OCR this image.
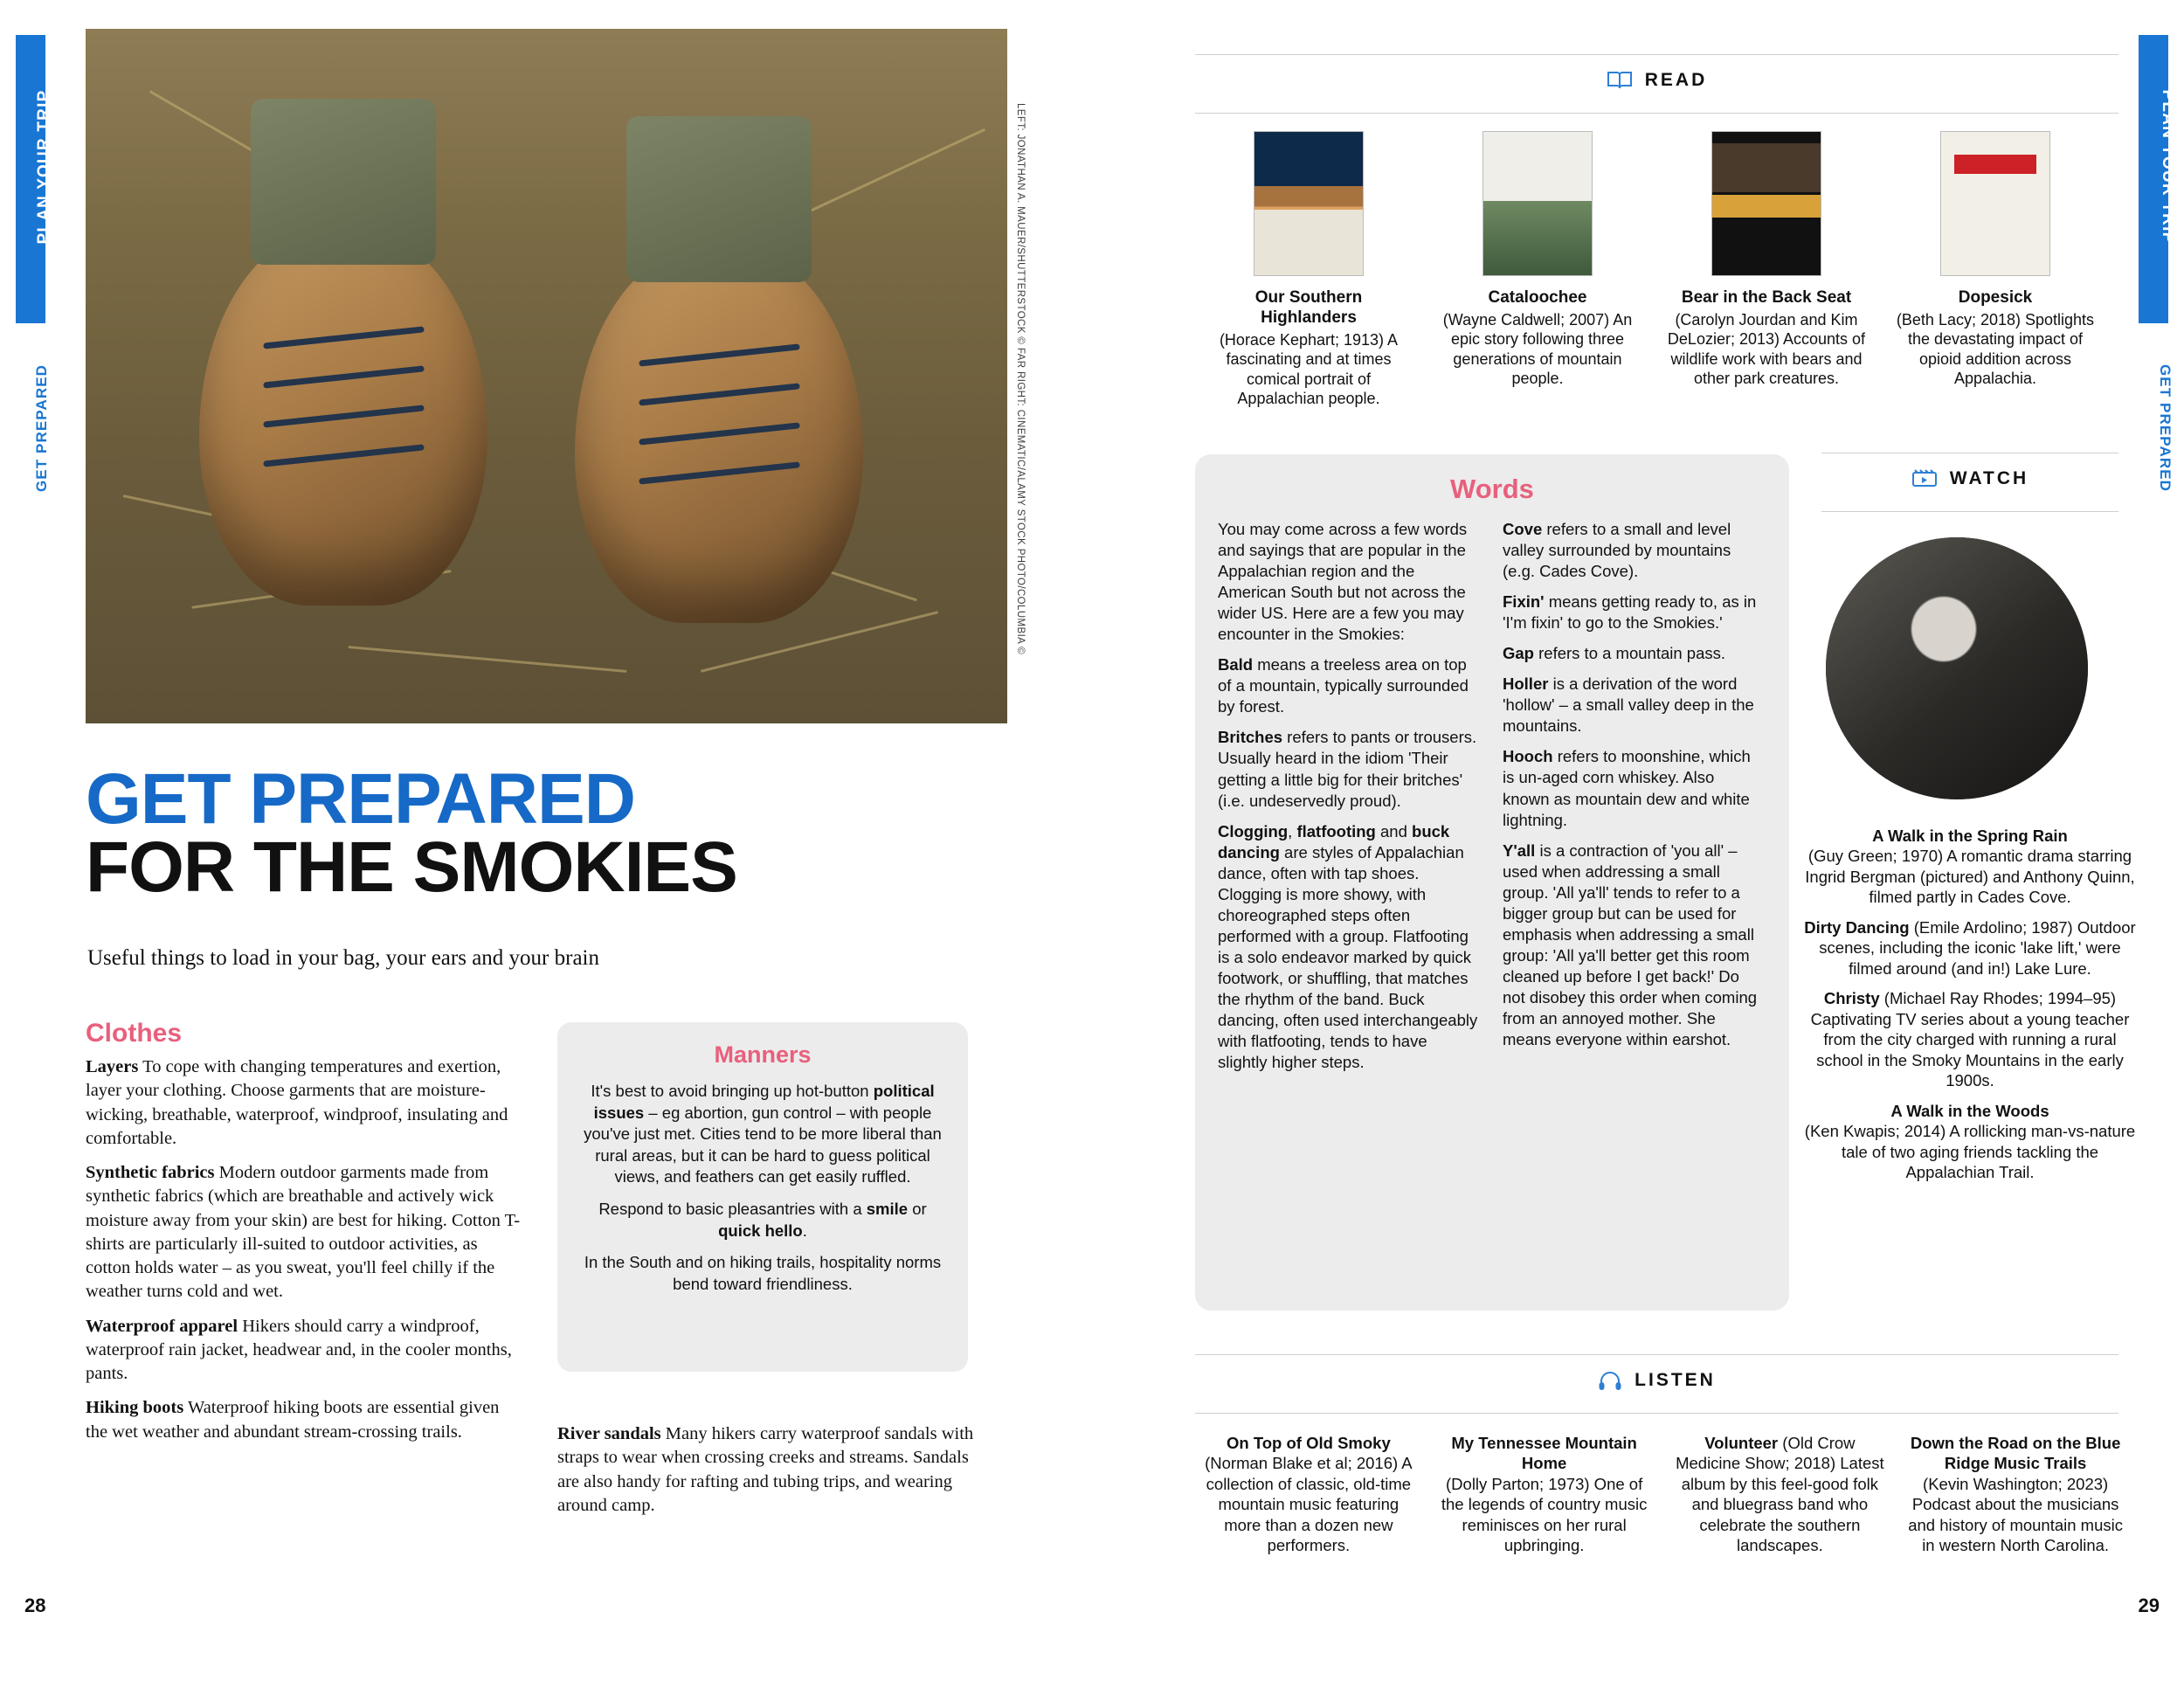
PLAN YOUR TRIP
GET PREPARED	LEFT: JONATHAN A. MAUER/SHUTTERSTOCK © FAR RIGHT: CINEMATIC/ALAMY STOCK PHOTO/COLUMBIA ©
GET PREPARED
FOR THE SMOKIES
Useful things to load in your bag, your ears and your brain
Clothes

Layers To cope with changing temperatures and exertion, layer your clothing. Choose garments that are moisture-wicking, breathable, waterproof, windproof, insulating and comfortable.

Synthetic fabrics Modern outdoor garments made from synthetic fabrics (which are breathable and actively wick moisture away from your skin) are best for hiking. Cotton T-shirts are particularly ill-suited to outdoor activities, as cotton holds water – as you sweat, you'll feel chilly if the weather turns cold and wet.

Waterproof apparel Hikers should carry a windproof, waterproof rain jacket, headwear and, in the cooler months, pants.

Hiking boots Waterproof hiking boots are essential given the wet weather and abundant stream-crossing trails.

Manners

It's best to avoid bringing up hot-button political issues – eg abortion, gun control – with people you've just met. Cities tend to be more liberal than rural areas, but it can be hard to guess political views, and feathers can get easily ruffled.

Respond to basic pleasantries with a smile or quick hello.

In the South and on hiking trails, hospitality norms bend toward friendliness.

River sandals Many hikers carry waterproof sandals with straps to wear when crossing creeks and streams. Sandals are also handy for rafting and tubing trips, and wearing around camp.

28
PLAN YOUR TRIP
GET PREPARED
READ
Our Southern Highlanders
(Horace Kephart; 1913) A fascinating and at times comical portrait of Appalachian people.
Cataloochee
(Wayne Caldwell; 2007) An epic story following three generations of mountain people.
Bear in the Back Seat
(Carolyn Jourdan and Kim DeLozier; 2013) Accounts of wildlife work with bears and other park creatures.
Dopesick
(Beth Lacy; 2018) Spotlights the devastating impact of opioid addition across Appalachia.
Words

You may come across a few words and sayings that are popular in the Appalachian region and the American South but not across the wider US. Here are a few you may encounter in the Smokies:

Bald means a treeless area on top of a mountain, typically surrounded by forest.

Britches refers to pants or trousers. Usually heard in the idiom 'Their getting a little big for their britches' (i.e. undeservedly proud).

Clogging, flatfooting and buck dancing are styles of Appalachian dance, often with tap shoes. Clogging is more showy, with choreographed steps often performed with a group. Flatfooting is a solo endeavor marked by quick footwork, or shuffling, that matches the rhythm of the band. Buck dancing, often used interchangeably with flatfooting, tends to have slightly higher steps.

Cove refers to a small and level valley surrounded by mountains (e.g. Cades Cove).

Fixin' means getting ready to, as in 'I'm fixin' to go to the Smokies.'

Gap refers to a mountain pass.

Holler is a derivation of the word 'hollow' – a small valley deep in the mountains.

Hooch refers to moonshine, which is un-aged corn whiskey. Also known as mountain dew and white lightning.

Y'all is a contraction of 'you all' – used when addressing a small group. 'All ya'll' tends to refer to a bigger group but can be used for emphasis when addressing a small group: 'All ya'll better get this room cleaned up before I get back!' Do not disobey this order when coming from an annoyed mother. She means everyone within earshot.

WATCH

A Walk in the Spring Rain
(Guy Green; 1970) A romantic drama starring Ingrid Bergman (pictured) and Anthony Quinn, filmed partly in Cades Cove.

Dirty Dancing (Emile Ardolino; 1987) Outdoor scenes, including the iconic 'lake lift,' were filmed around (and in!) Lake Lure.

Christy (Michael Ray Rhodes; 1994–95) Captivating TV series about a young teacher from the city charged with running a rural school in the Smoky Mountains in the early 1900s.

A Walk in the Woods
(Ken Kwapis; 2014) A rollicking man-vs-nature tale of two aging friends tackling the Appalachian Trail.

LISTEN
On Top of Old Smoky
(Norman Blake et al; 2016) A collection of classic, old-time mountain music featuring more than a dozen new performers.
My Tennessee Mountain Home
(Dolly Parton; 1973) One of the legends of country music reminisces on her rural upbringing.
Volunteer (Old Crow Medicine Show; 2018) Latest album by this feel-good folk and bluegrass band who celebrate the southern landscapes.
Down the Road on the Blue Ridge Music Trails
(Kevin Washington; 2023) Podcast about the musicians and history of mountain music in western North Carolina.
29
